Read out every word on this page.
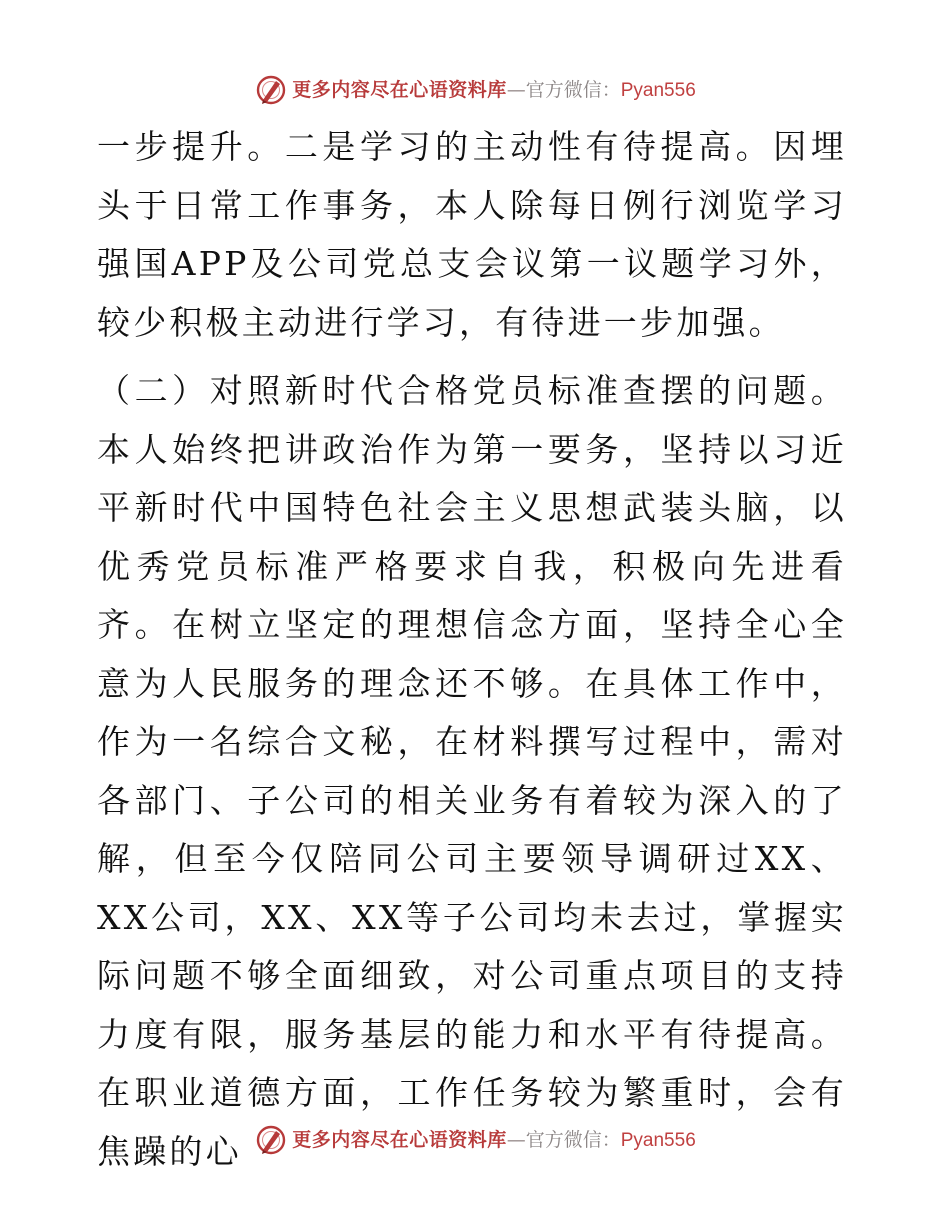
更多内容尽在心语资料库 — 官方微信： Pyan556

一步提升。二是学习的主动性有待提高。因埋头于日常工作事务，本人除每日例行浏览学习强国APP及公司党总支会议第一议题学习外，较少积极主动进行学习，有待进一步加强。

（二）对照新时代合格党员标准查摆的问题。本人始终把讲政治作为第一要务，坚持以习近平新时代中国特色社会主义思想武装头脑，以优秀党员标准严格要求自我，积极向先进看齐。在树立坚定的理想信念方面，坚持全心全意为人民服务的理念还不够。在具体工作中，作为一名综合文秘，在材料撰写过程中，需对各部门、子公司的相关业务有着较为深入的了解，但至今仅陪同公司主要领导调研过XX、XX公司，XX、XX等子公司均未去过，掌握实际问题不够全面细致，对公司重点项目的支持力度有限，服务基层的能力和水平有待提高。在职业道德方面，工作任务较为繁重时，会有焦躁的心	更多内容尽在心语资料库 — 官方微信： Pyan556
